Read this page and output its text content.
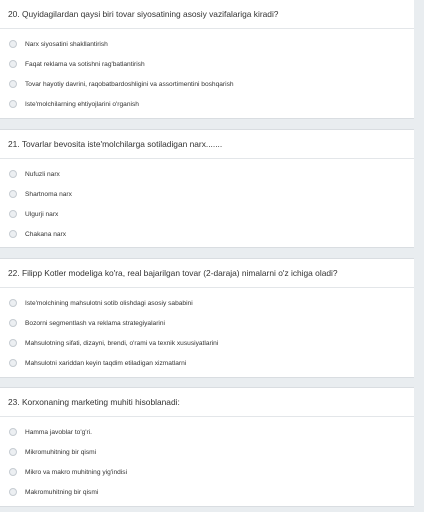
20. Quyidagilardan qaysi biri tovar siyosatining asosiy vazifalariga kiradi?

Narx siyosatini shakllantirish
Faqat reklama va sotishni rag'batlantirish
Tovar hayotiy davrini, raqobatbardoshligini va assortimentini boshqarish
Iste'molchilarning ehtiyojlarini o'rganish

21. Tovarlar bevosita iste'molchilarga sotiladigan narx.......

Nufuzli narx
Shartnoma narx
Ulgurji narx
Chakana narx

22. Filipp Kotler modeliga ko'ra, real bajarilgan tovar (2-daraja) nimalarni o'z ichiga oladi?

Iste'molchining mahsulotni sotib olishdagi asosiy sababini
Bozorni segmentlash va reklama strategiyalarini
Mahsulotning sifati, dizayni, brendi, o'rami va texnik xususiyatlarini
Mahsulotni xariddan keyin taqdim etiladigan xizmatlarni

23. Korxonaning marketing muhiti hisoblanadi:

Hamma javoblar to'g'ri.
Mikromuhitning bir qismi
Mikro va makro muhitning yig'indisi
Makromuhitning bir qismi
